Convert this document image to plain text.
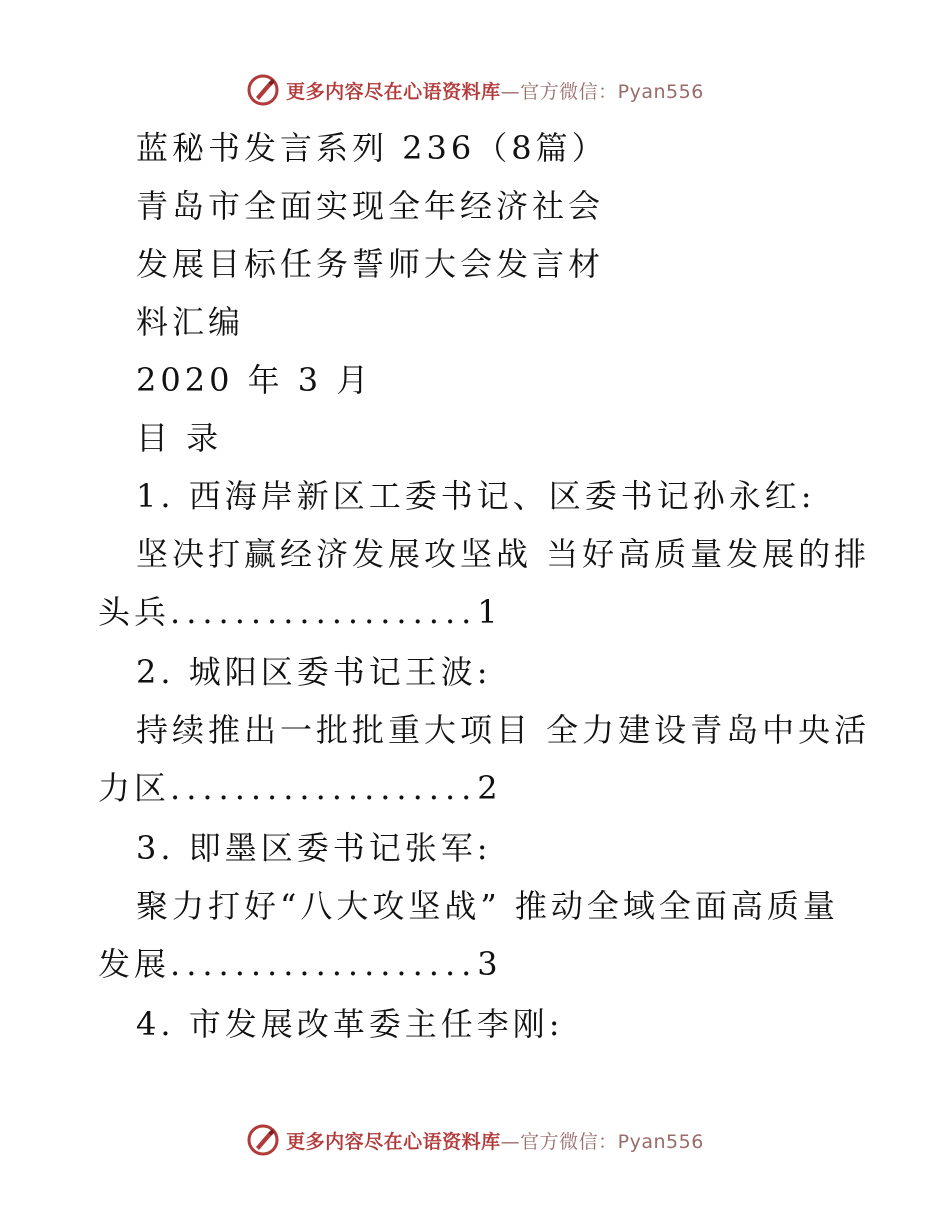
更多内容尽在心语资料库—官方微信：Pyan556
蓝秘书发言系列 236（8篇）
青岛市全面实现全年经济社会
发展目标任务誓师大会发言材
料汇编
2020 年 3 月
目 录
1. 西海岸新区工委书记、区委书记孙永红:
坚决打赢经济发展攻坚战 当好高质量发展的排
头兵...................1
2. 城阳区委书记王波:
持续推出一批批重大项目 全力建设青岛中央活
力区...................2
3. 即墨区委书记张军:
聚力打好“八大攻坚战” 推动全域全面高质量
发展...................3
4. 市发展改革委主任李刚:
更多内容尽在心语资料库—官方微信：Pyan556
